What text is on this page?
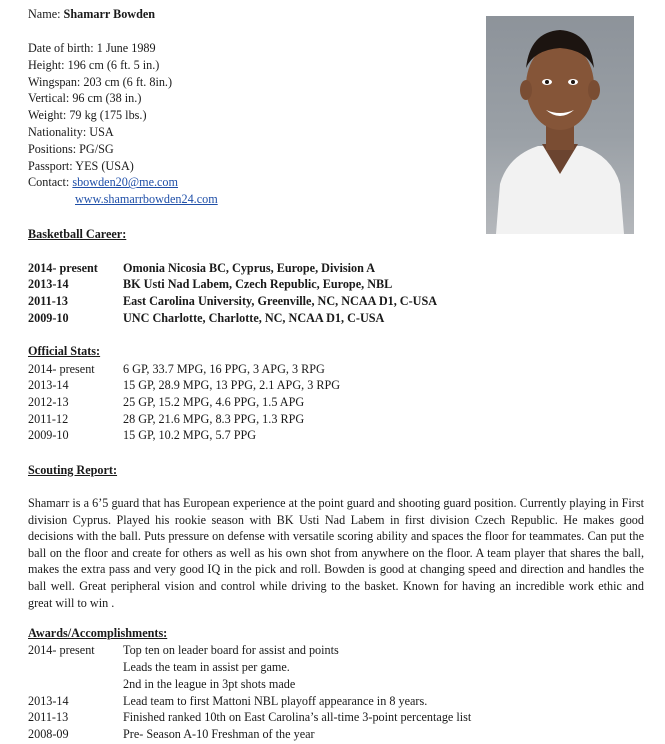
Name: Shamarr Bowden
Date of birth: 1 June 1989
Height: 196 cm (6 ft. 5 in.)
Wingspan: 203 cm (6 ft. 8in.)
Vertical: 96 cm (38 in.)
Weight: 79 kg (175 lbs.)
Nationality: USA
Positions: PG/SG
Passport: YES (USA)
Contact: sbowden20@me.com
www.shamarrbowden24.com
Basketball Career:
2014- present Omonia Nicosia BC, Cyprus, Europe, Division A
2013-14	BK Usti Nad Labem, Czech Republic, Europe, NBL
2011-13	East Carolina University, Greenville, NC, NCAA D1, C-USA
2009-10	UNC Charlotte, Charlotte, NC, NCAA D1, C-USA
Official Stats:
2014- present 6 GP, 33.7 MPG, 16 PPG, 3 APG, 3 RPG
2013-14	15 GP, 28.9 MPG, 13 PPG, 2.1 APG, 3 RPG
2012-13	25 GP, 15.2 MPG, 4.6 PPG, 1.5 APG
2011-12	28 GP, 21.6 MPG, 8.3 PPG, 1.3 RPG
2009-10	15 GP, 10.2 MPG, 5.7 PPG
Scouting Report:
Shamarr is a 6’5 guard that has European experience at the point guard and shooting guard position. Currently playing in First division Cyprus. Played his rookie season with BK Usti Nad Labem in first division Czech Republic. He makes good decisions with the ball. Puts pressure on defense with versatile scoring ability and spaces the floor for teammates. Can put the ball on the floor and create for others as well as his own shot from anywhere on the floor. A team player that shares the ball, makes the extra pass and very good IQ in the pick and roll. Bowden is good at changing speed and direction and handles the ball well. Great peripheral vision and control while driving to the basket. Known for having an incredible work ethic and great will to win .
Awards/Accomplishments:
2014- present Top ten on leader board for assist and points
Leads the team in assist per game.
2nd in the league in 3pt shots made
2013-14	Lead team to first Mattoni NBL playoff appearance in 8 years.
2011-13	Finished ranked 10th on East Carolina’s all-time 3-point percentage list
2008-09	Pre- Season A-10 Freshman of the year
